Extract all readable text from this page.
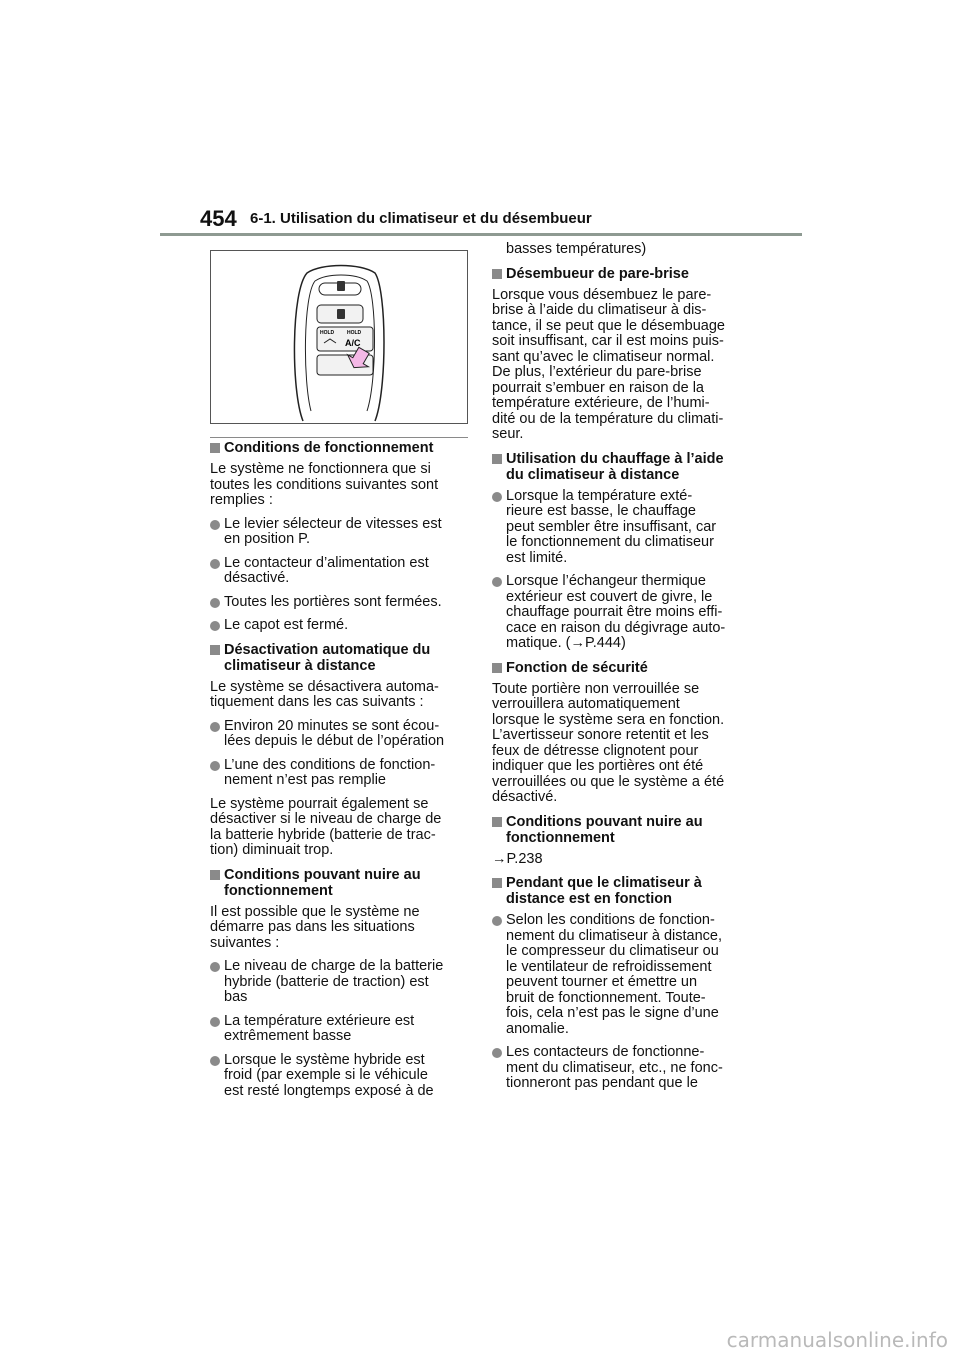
454 6-1. Utilisation du climatiseur et du désembueur
HOLD	HOLD
A/C
Conditions de fonctionnement
Le système ne fonctionnera que si
toutes les conditions suivantes sont
remplies :
Le levier sélecteur de vitesses est
en position P.
Le contacteur d’alimentation est
désactivé.
Toutes les portières sont fermées.
Le capot est fermé.
Désactivation automatique du
climatiseur à distance
Le système se désactivera automa-
tiquement dans les cas suivants :
Environ 20 minutes se sont écou-
lées depuis le début de l’opération
L’une des conditions de fonction-
nement n’est pas remplie
Le système pourrait également se
désactiver si le niveau de charge de
la batterie hybride (batterie de trac-
tion) diminuait trop.
Conditions pouvant nuire au
fonctionnement
Il est possible que le système ne
démarre pas dans les situations
suivantes :
Le niveau de charge de la batterie
hybride (batterie de traction) est
bas
La température extérieure est
extrêmement basse
Lorsque le système hybride est
froid (par exemple si le véhicule
est resté longtemps exposé à de
basses températures)
Désembueur de pare-brise
Lorsque vous désembuez le pare-
brise à l’aide du climatiseur à dis-
tance, il se peut que le désembuage
soit insuffisant, car il est moins puis-
sant qu’avec le climatiseur normal.
De plus, l’extérieur du pare-brise
pourrait s’embuer en raison de la
température extérieure, de l’humi-
dité ou de la température du climati-
seur.
Utilisation du chauffage à l’aide
du climatiseur à distance
Lorsque la température exté-
rieure est basse, le chauffage
peut sembler être insuffisant, car
le fonctionnement du climatiseur
est limité.
Lorsque l’échangeur thermique
extérieur est couvert de givre, le
chauffage pourrait être moins effi-
cace en raison du dégivrage auto-
matique. (→P.444)
Fonction de sécurité
Toute portière non verrouillée se
verrouillera automatiquement
lorsque le système sera en fonction.
L’avertisseur sonore retentit et les
feux de détresse clignotent pour
indiquer que les portières ont été
verrouillées ou que le système a été
désactivé.
Conditions pouvant nuire au
fonctionnement
→P.238
Pendant que le climatiseur à
distance est en fonction
Selon les conditions de fonction-
nement du climatiseur à distance,
le compresseur du climatiseur ou
le ventilateur de refroidissement
peuvent tourner et émettre un
bruit de fonctionnement. Toute-
fois, cela n’est pas le signe d’une
anomalie.
Les contacteurs de fonctionne-
ment du climatiseur, etc., ne fonc-
tionneront pas pendant que le
carmanualsonline.info
